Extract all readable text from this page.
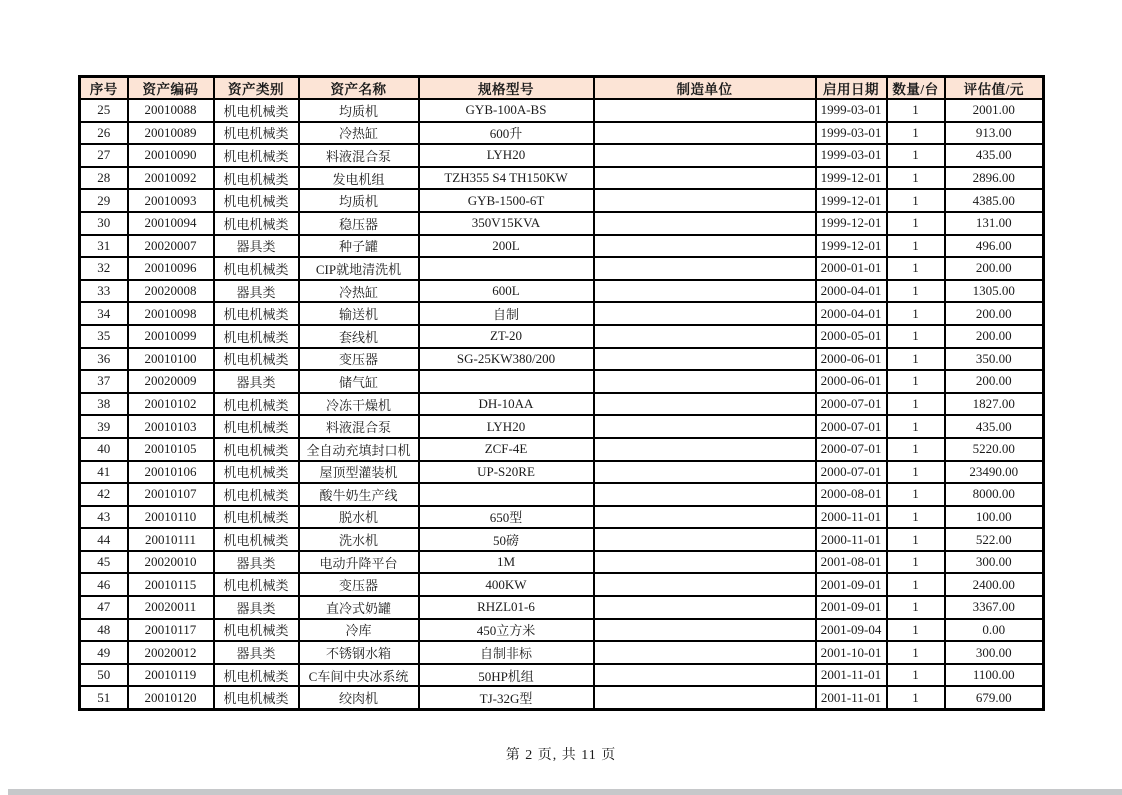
序号	资产编码	资产类别	资产名称	规格型号	制造单位	启用日期	数量/台	评估值/元
25	20010088	机电机械类	均质机	GYB-100A-BS		1999-03-01	1	2001.00
26	20010089	机电机械类	冷热缸	600升		1999-03-01	1	913.00
27	20010090	机电机械类	料液混合泵	LYH20		1999-03-01	1	435.00
28	20010092	机电机械类	发电机组	TZH355 S4 TH150KW		1999-12-01	1	2896.00
29	20010093	机电机械类	均质机	GYB-1500-6T		1999-12-01	1	4385.00
30	20010094	机电机械类	稳压器	350V15KVA		1999-12-01	1	131.00
31	20020007	器具类	种子罐	200L		1999-12-01	1	496.00
32	20010096	机电机械类	CIP就地清洗机			2000-01-01	1	200.00
33	20020008	器具类	冷热缸	600L		2000-04-01	1	1305.00
34	20010098	机电机械类	输送机	自制		2000-04-01	1	200.00
35	20010099	机电机械类	套线机	ZT-20		2000-05-01	1	200.00
36	20010100	机电机械类	变压器	SG-25KW380/200		2000-06-01	1	350.00
37	20020009	器具类	储气缸			2000-06-01	1	200.00
38	20010102	机电机械类	冷冻干燥机	DH-10AA		2000-07-01	1	1827.00
39	20010103	机电机械类	料液混合泵	LYH20		2000-07-01	1	435.00
40	20010105	机电机械类	全自动充填封口机	ZCF-4E		2000-07-01	1	5220.00
41	20010106	机电机械类	屋顶型灌装机	UP-S20RE		2000-07-01	1	23490.00
42	20010107	机电机械类	酸牛奶生产线			2000-08-01	1	8000.00
43	20010110	机电机械类	脱水机	650型		2000-11-01	1	100.00
44	20010111	机电机械类	洗水机	50磅		2000-11-01	1	522.00
45	20020010	器具类	电动升降平台	1M		2001-08-01	1	300.00
46	20010115	机电机械类	变压器	400KW		2001-09-01	1	2400.00
47	20020011	器具类	直冷式奶罐	RHZL01-6		2001-09-01	1	3367.00
48	20010117	机电机械类	冷库	450立方米		2001-09-04	1	0.00
49	20020012	器具类	不锈钢水箱	自制非标		2001-10-01	1	300.00
50	20010119	机电机械类	C车间中央冰系统	50HP机组		2001-11-01	1	1100.00
51	20010120	机电机械类	绞肉机	TJ-32G型		2001-11-01	1	679.00
第 2 页, 共 11 页
